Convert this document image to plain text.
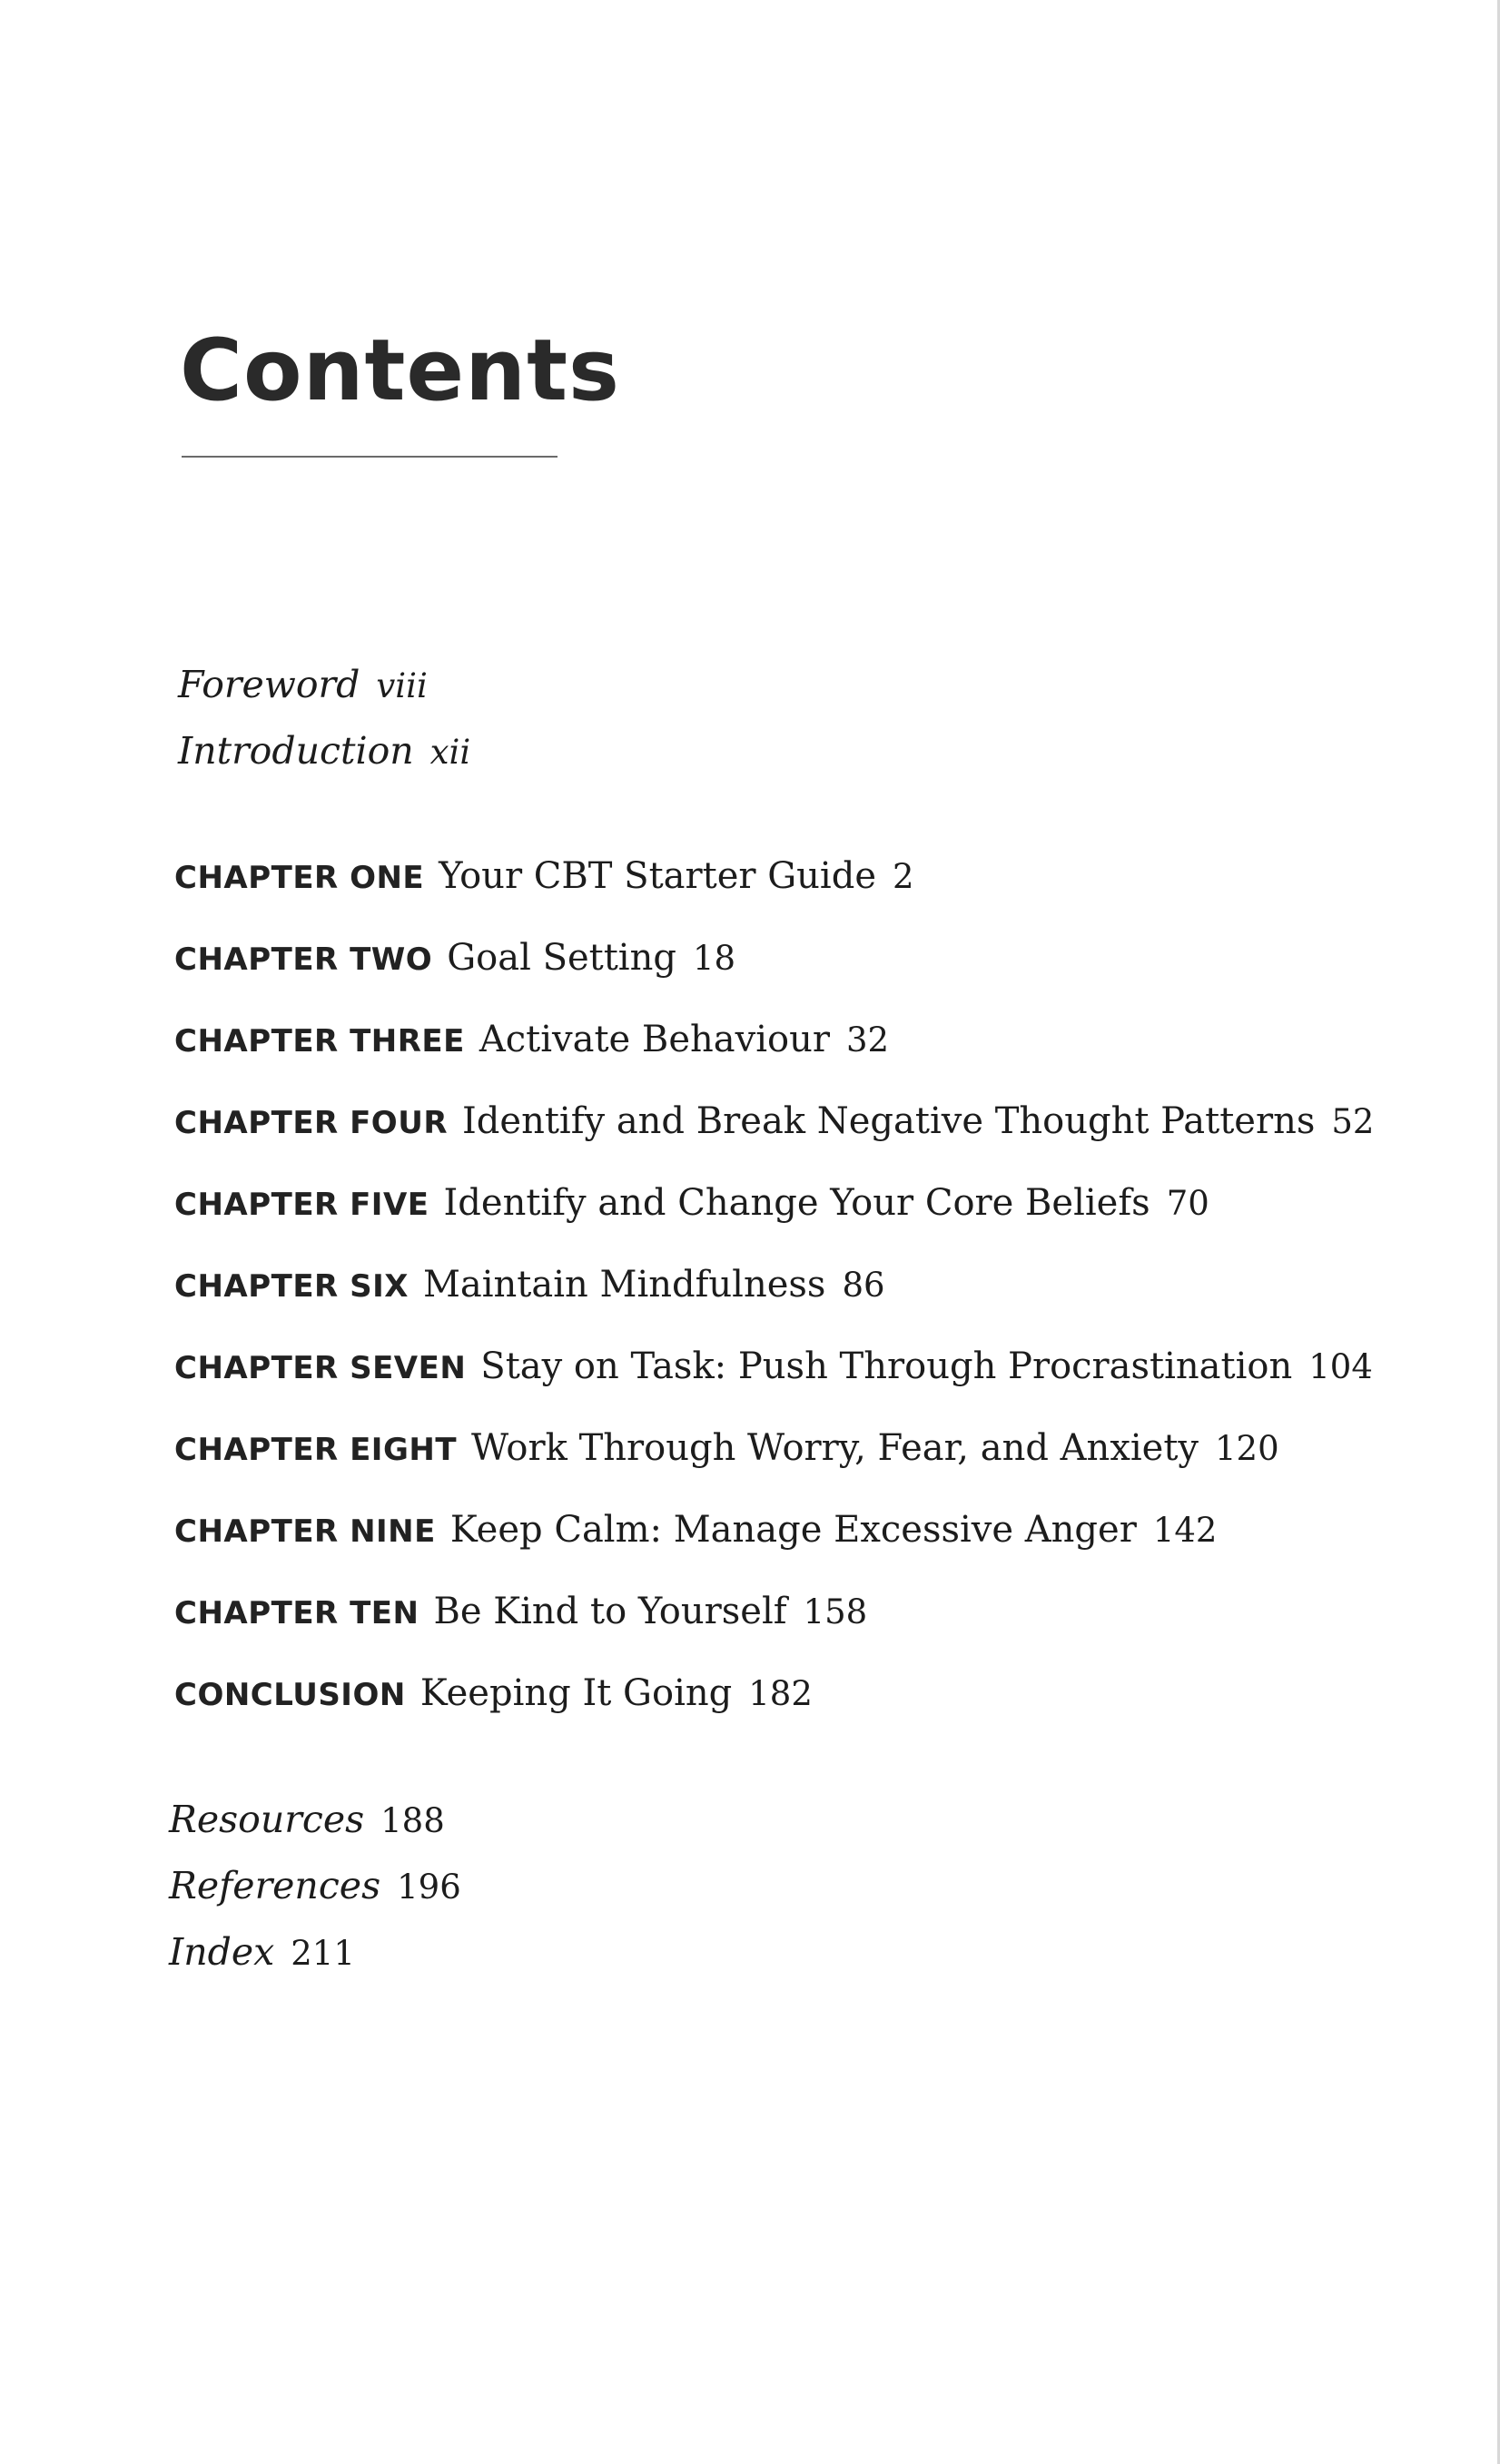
Contents
Foreword viii
Introduction xii
CHAPTER ONE Your CBT Starter Guide 2
CHAPTER TWO Goal Setting 18
CHAPTER THREE Activate Behaviour 32
CHAPTER FOUR Identify and Break Negative Thought Patterns 52
CHAPTER FIVE Identify and Change Your Core Beliefs 70
CHAPTER SIX Maintain Mindfulness 86
CHAPTER SEVEN Stay on Task: Push Through Procrastination 104
CHAPTER EIGHT Work Through Worry, Fear, and Anxiety 120
CHAPTER NINE Keep Calm: Manage Excessive Anger 142
CHAPTER TEN Be Kind to Yourself 158
CONCLUSION Keeping It Going 182
Resources 188
References 196
Index 211
